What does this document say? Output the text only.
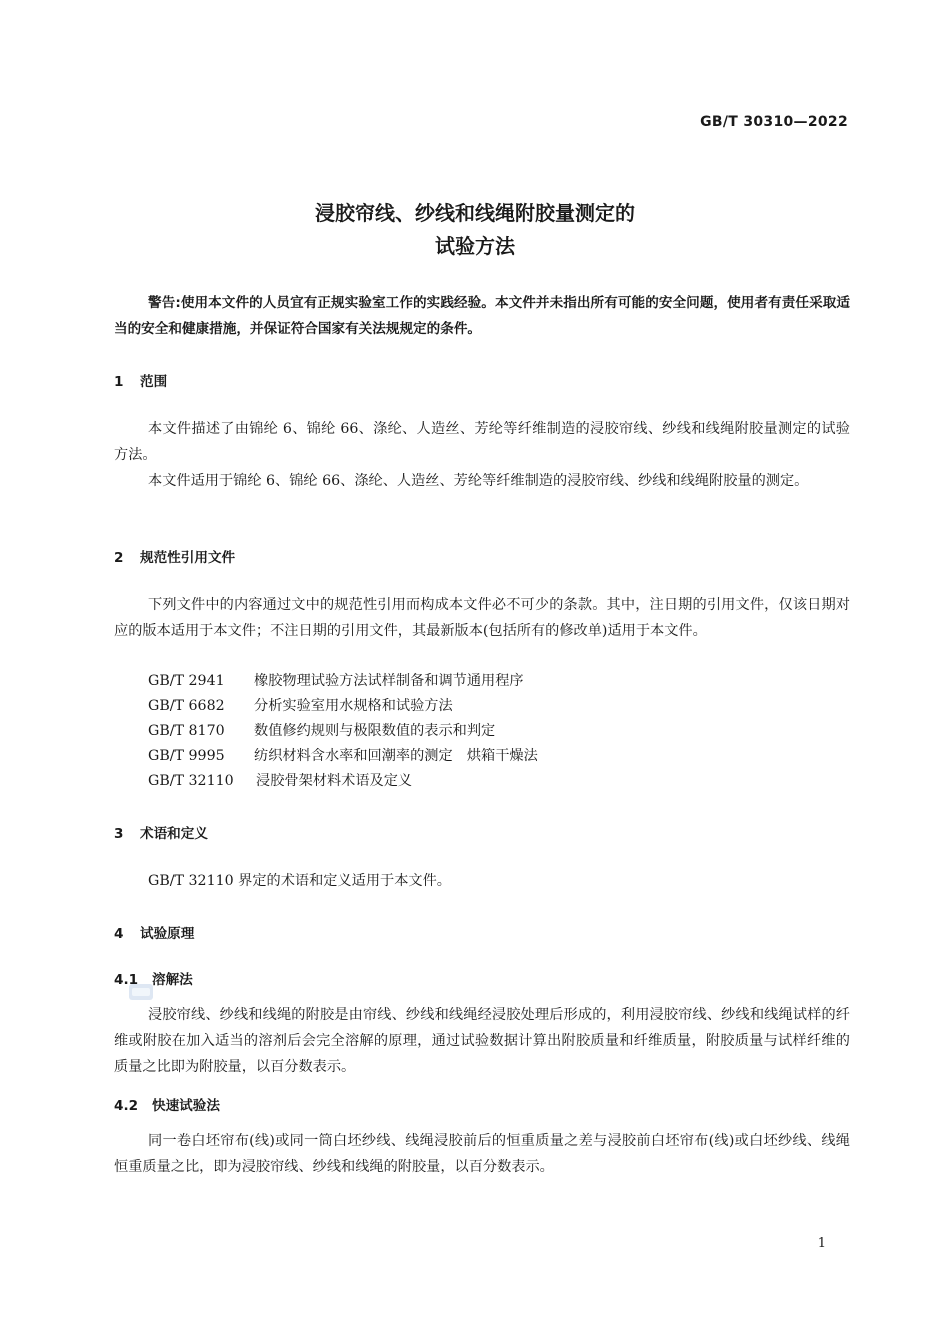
GB/T 30310—2022
浸胶帘线、纱线和线绳附胶量测定的
试验方法

警告:使用本文件的人员宜有正规实验室工作的实践经验。本文件并未指出所有可能的安全问题，使用者有责任采取适当的安全和健康措施，并保证符合国家有关法规规定的条件。

1 范围

本文件描述了由锦纶 6、锦纶 66、涤纶、人造丝、芳纶等纤维制造的浸胶帘线、纱线和线绳附胶量测定的试验方法。

本文件适用于锦纶 6、锦纶 66、涤纶、人造丝、芳纶等纤维制造的浸胶帘线、纱线和线绳附胶量的测定。

2 规范性引用文件

下列文件中的内容通过文中的规范性引用而构成本文件必不可少的条款。其中，注日期的引用文件，仅该日期对应的版本适用于本文件；不注日期的引用文件，其最新版本(包括所有的修改单)适用于本文件。

GB/T 2941 橡胶物理试验方法试样制备和调节通用程序
GB/T 6682 分析实验室用水规格和试验方法
GB/T 8170 数值修约规则与极限数值的表示和判定
GB/T 9995 纺织材料含水率和回潮率的测定　烘箱干燥法
GB/T 32110 浸胶骨架材料术语及定义
3 术语和定义

GB/T 32110 界定的术语和定义适用于本文件。

4 试验原理
4.1 溶解法

浸胶帘线、纱线和线绳的附胶是由帘线、纱线和线绳经浸胶处理后形成的，利用浸胶帘线、纱线和线绳试样的纤维或附胶在加入适当的溶剂后会完全溶解的原理，通过试验数据计算出附胶质量和纤维质量，附胶质量与试样纤维的质量之比即为附胶量，以百分数表示。

4.2 快速试验法

同一卷白坯帘布(线)或同一筒白坯纱线、线绳浸胶前后的恒重质量之差与浸胶前白坯帘布(线)或白坯纱线、线绳恒重质量之比，即为浸胶帘线、纱线和线绳的附胶量，以百分数表示。

1
